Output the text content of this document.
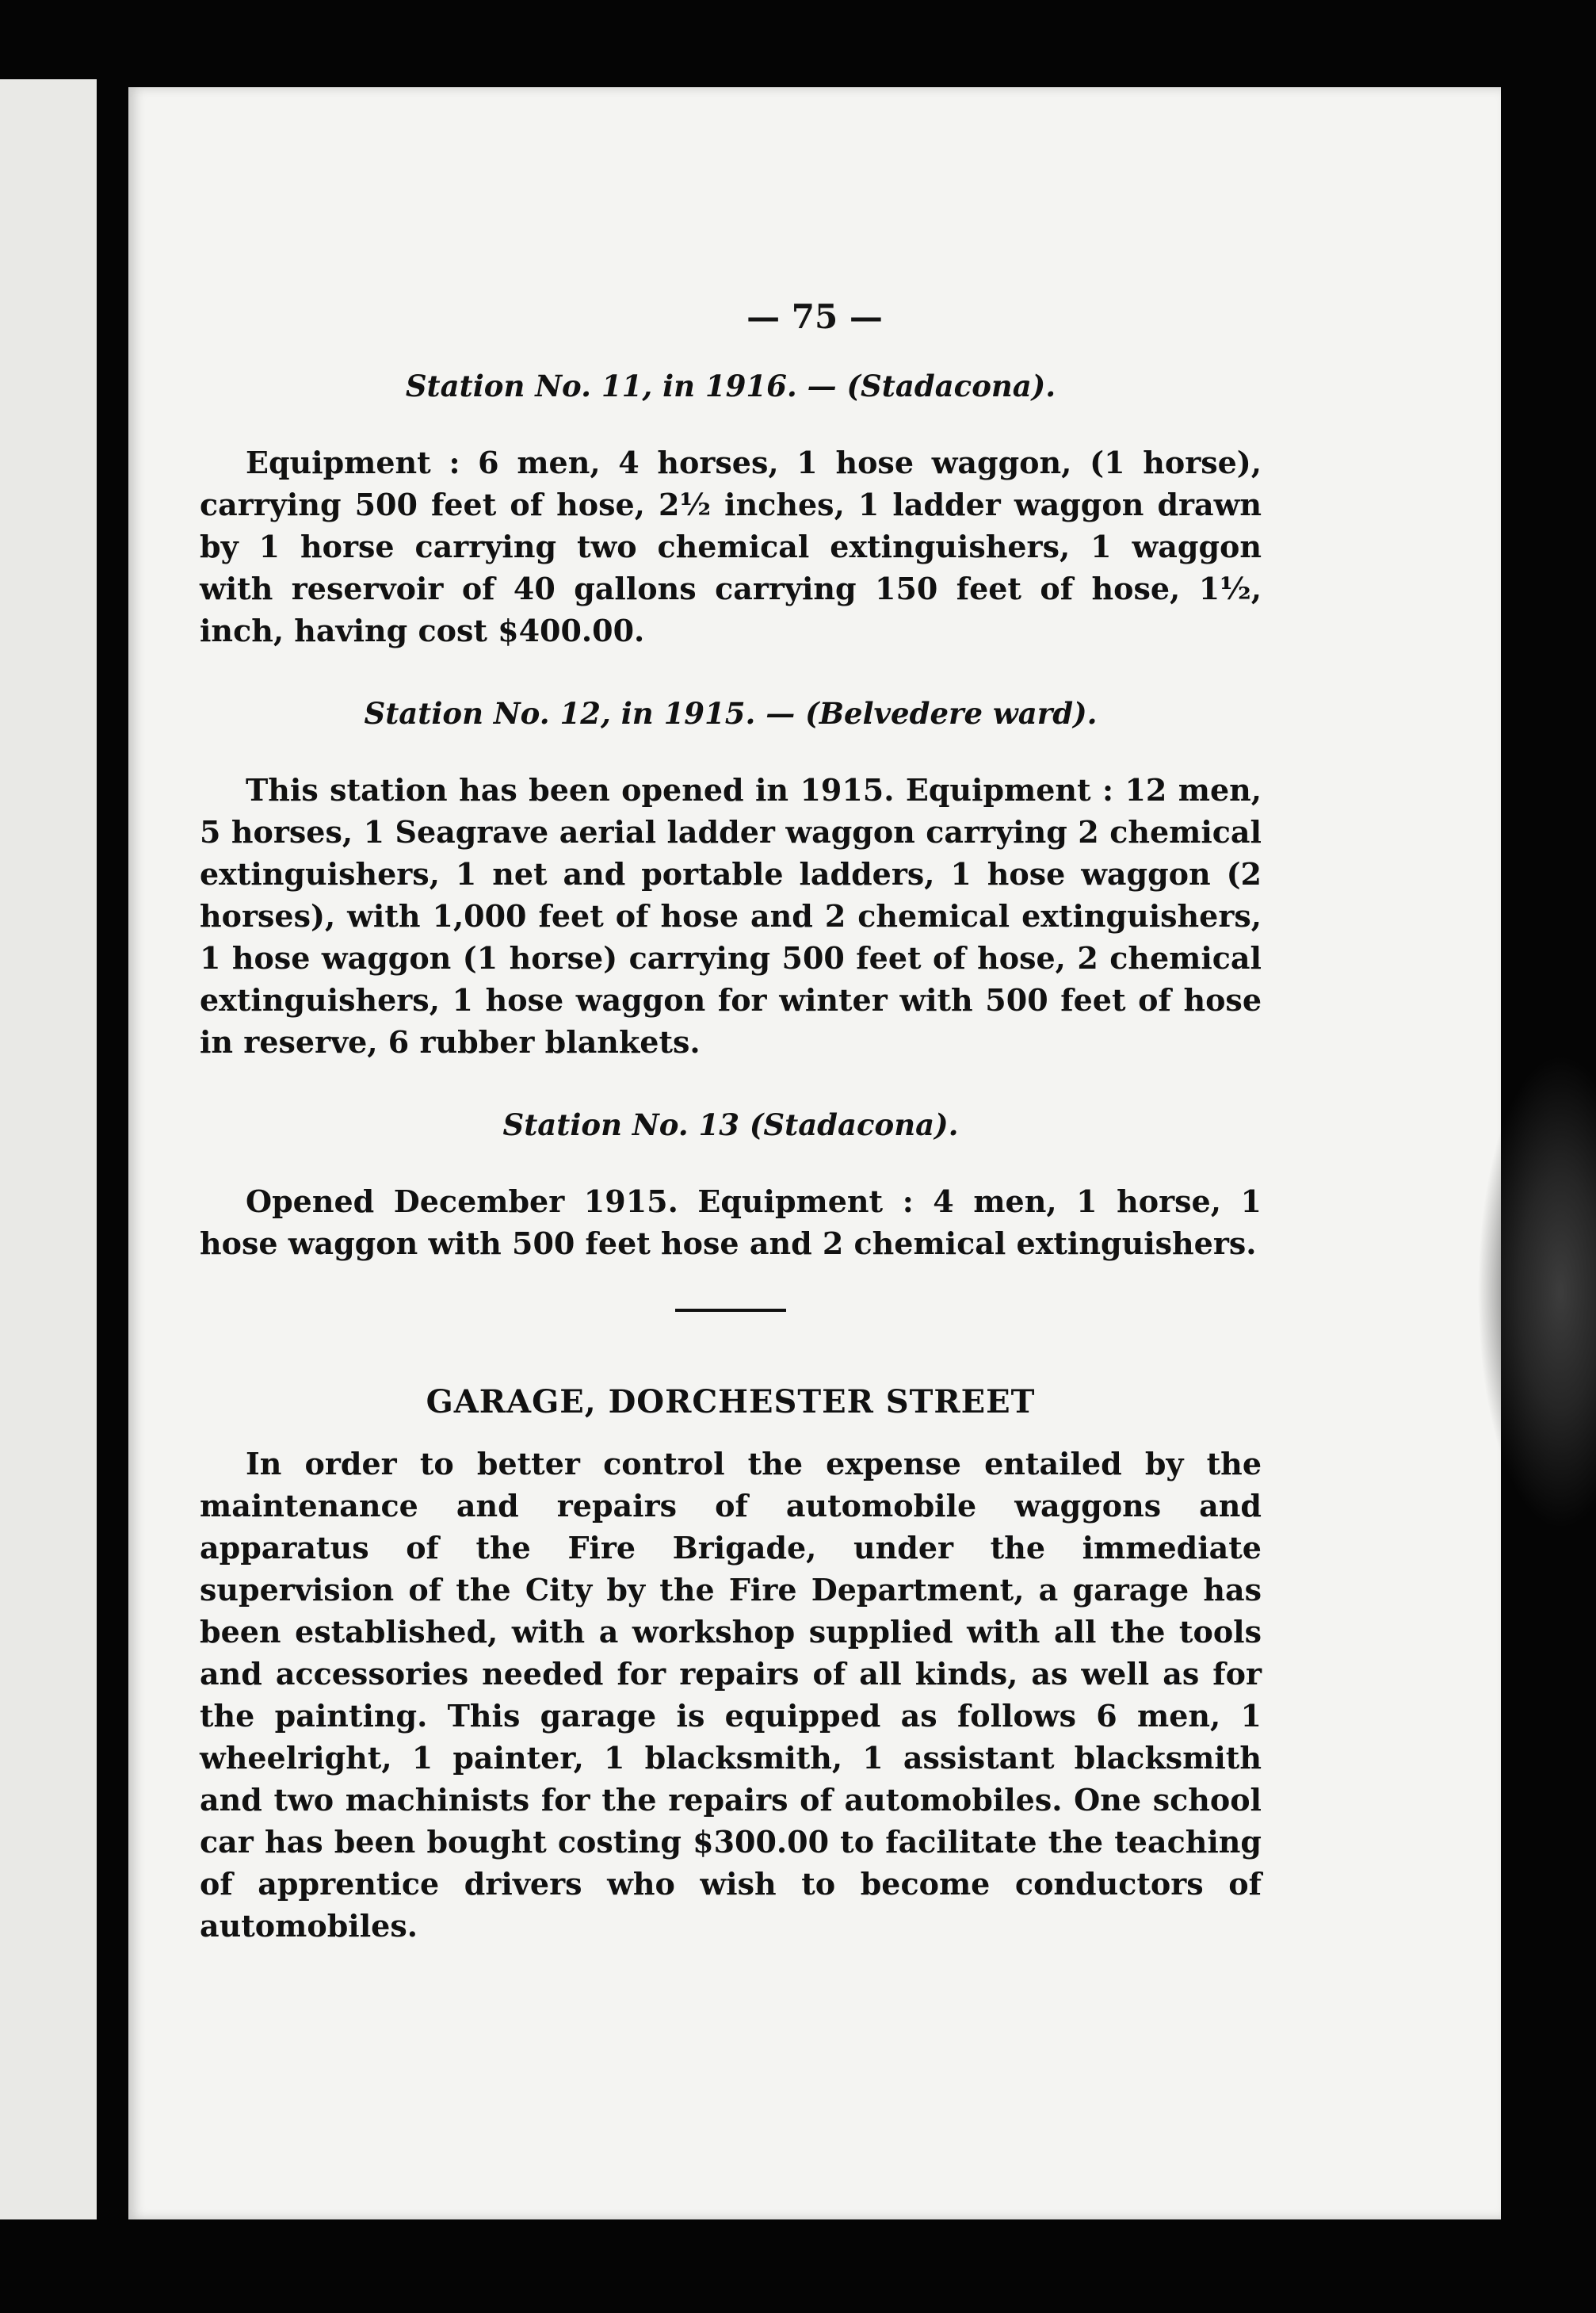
— 75 —
Station No. 11, in 1916. — (Stadacona).
Equipment : 6 men, 4 horses, 1 hose waggon, (1 horse), carrying 500 feet of hose, 2½ inches, 1 ladder waggon drawn by 1 horse carrying two chemical extinguishers, 1 waggon with reservoir of 40 gallons carrying 150 feet of hose, 1½, inch, having cost $400.00.
Station No. 12, in 1915. — (Belvedere ward).
This station has been opened in 1915. Equipment : 12 men, 5 horses, 1 Seagrave aerial ladder waggon carrying 2 chemical extinguishers, 1 net and portable ladders, 1 hose waggon (2 horses), with 1,000 feet of hose and 2 chemical extinguishers, 1 hose waggon (1 horse) carrying 500 feet of hose, 2 chemical extinguishers, 1 hose waggon for winter with 500 feet of hose in reserve, 6 rubber blankets.
Station No. 13 (Stadacona).
Opened December 1915. Equipment : 4 men, 1 horse, 1 hose waggon with 500 feet hose and 2 chemical extinguishers.
GARAGE, DORCHESTER STREET
In order to better control the expense entailed by the maintenance and repairs of automobile waggons and apparatus of the Fire Brigade, under the immediate supervision of the City by the Fire Department, a garage has been established, with a workshop supplied with all the tools and accessories needed for repairs of all kinds, as well as for the painting. This garage is equipped as follows 6 men, 1 wheelright, 1 painter, 1 blacksmith, 1 assistant blacksmith and two machinists for the repairs of automobiles. One school car has been bought costing $300.00 to facilitate the teaching of apprentice drivers who wish to become conductors of automobiles.
